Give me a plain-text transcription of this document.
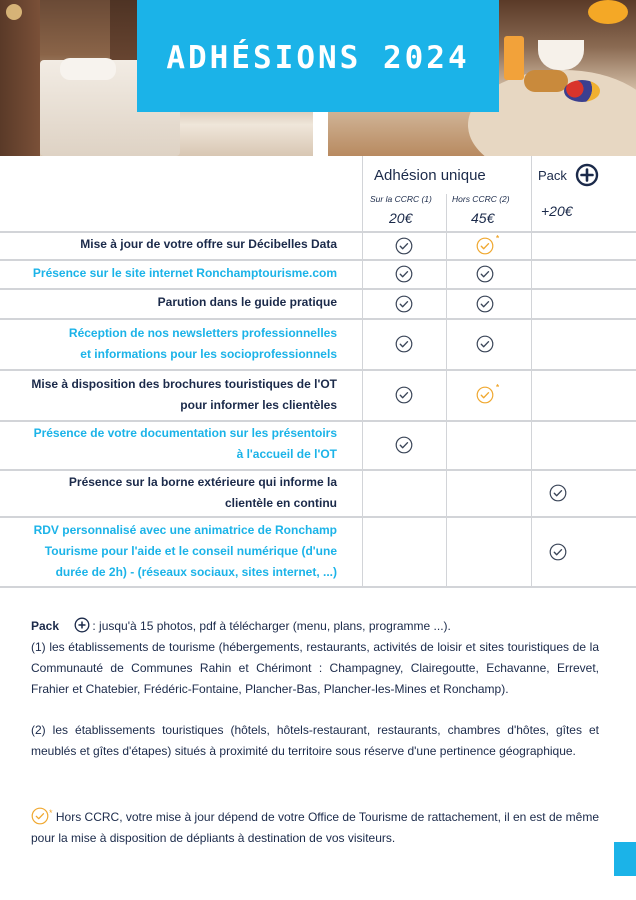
ADHÉSIONS 2024
Adhésion unique
Sur la CCRC (1) Hors CCRC (2)
20€	45€
Pack
+20€
Mise à jour de votre offre sur Décibelles Data
Présence sur le site internet Ronchamptourisme.com
Parution dans le guide pratique
Réception de nos newsletters professionnelles
et informations pour les socioprofessionnels
Mise à disposition des brochures touristiques de l'OT
pour informer les clientèles
Présence de votre documentation sur les présentoirs
à l'accueil de l'OT
Présence sur la borne extérieure qui informe la
clientèle en continu
RDV personnalisé avec une animatrice de Ronchamp
Tourisme pour l'aide et le conseil numérique (d'une
durée de 2h) - (réseaux sociaux, sites internet, ...)
*
*

Pack	: jusqu'à 15 photos, pdf à télécharger (menu, plans, programme ...).

(1) les établissements de tourisme (hébergements, restaurants, activités de loisir et sites touristiques de la Communauté de Communes Rahin et Chérimont : Champagney, Clairegoutte, Echavanne, Errevet, Frahier et Chatebier, Frédéric-Fontaine, Plancher-Bas, Plancher-les-Mines et Ronchamp).

(2) les établissements touristiques (hôtels, hôtels-restaurant, restaurants, chambres d'hôtes, gîtes et meublés et gîtes d'étapes) situés à proximité du territoire sous réserve d'une pertinence géographique.
* Hors CCRC, votre mise à jour dépend de votre Office de Tourisme de rattachement, il en est de même pour la mise à disposition de dépliants à destination de vos visiteurs.
